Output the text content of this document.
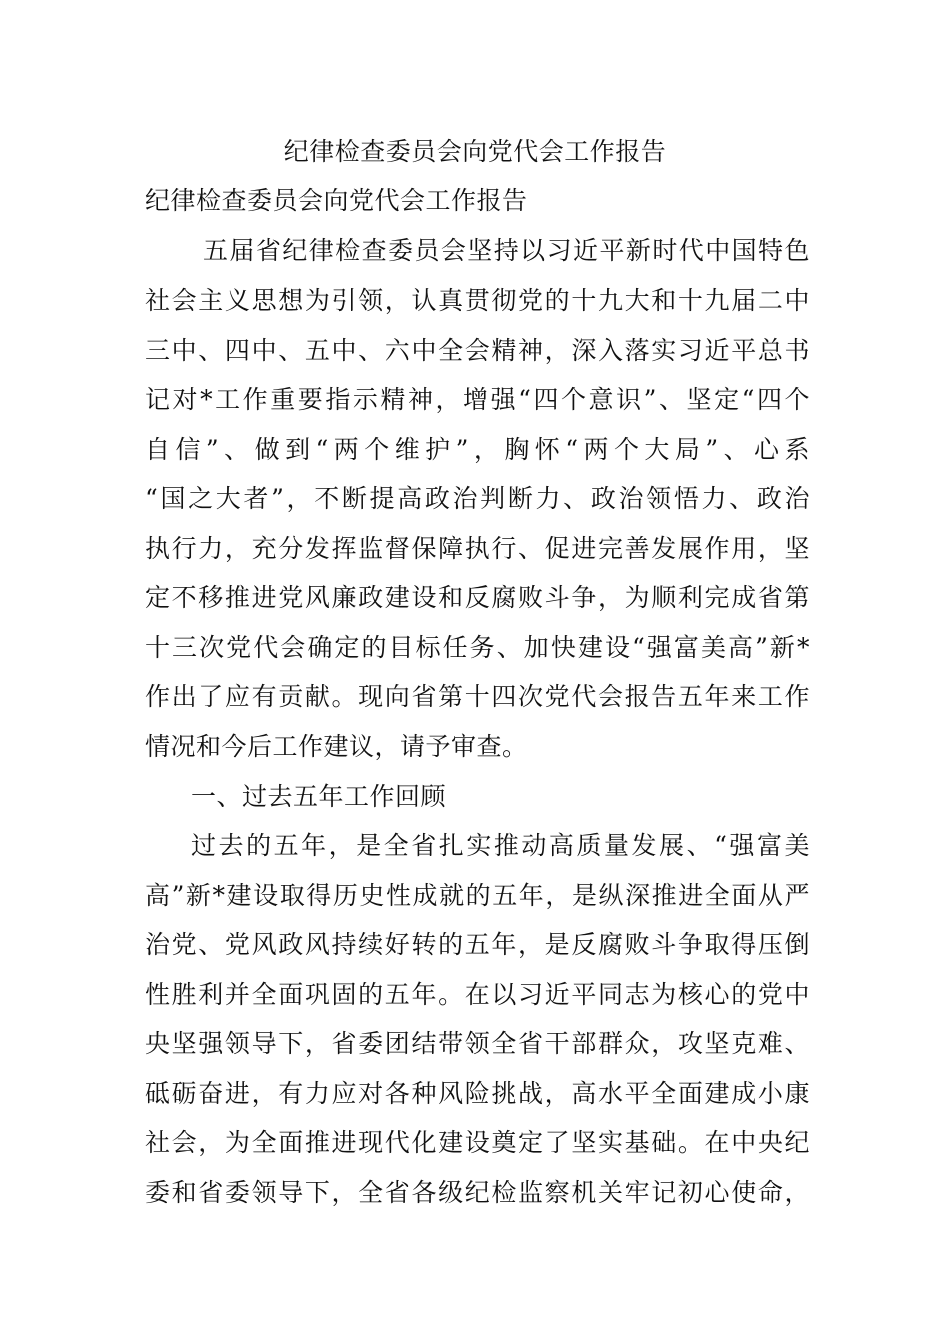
纪律检查委员会向党代会工作报告
纪律检查委员会向党代会工作报告
五届省纪律检查委员会坚持以习近平新时代中国特色
社会主义思想为引领，认真贯彻党的十九大和十九届二中
三中、四中、五中、六中全会精神，深入落实习近平总书
记对*工作重要指示精神，增强“四个意识”、坚定“四个
自信”、做到“两个维护”，胸怀“两个大局”、心系
“国之大者”，不断提高政治判断力、政治领悟力、政治
执行力，充分发挥监督保障执行、促进完善发展作用，坚
定不移推进党风廉政建设和反腐败斗争，为顺利完成省第
十三次党代会确定的目标任务、加快建设“强富美高”新*
作出了应有贡献。现向省第十四次党代会报告五年来工作
情况和今后工作建议，请予审查。
一、过去五年工作回顾
过去的五年，是全省扎实推动高质量发展、“强富美
高”新*建设取得历史性成就的五年，是纵深推进全面从严
治党、党风政风持续好转的五年，是反腐败斗争取得压倒
性胜利并全面巩固的五年。在以习近平同志为核心的党中
央坚强领导下，省委团结带领全省干部群众，攻坚克难、
砥砺奋进，有力应对各种风险挑战，高水平全面建成小康
社会，为全面推进现代化建设奠定了坚实基础。在中央纪
委和省委领导下，全省各级纪检监察机关牢记初心使命，
